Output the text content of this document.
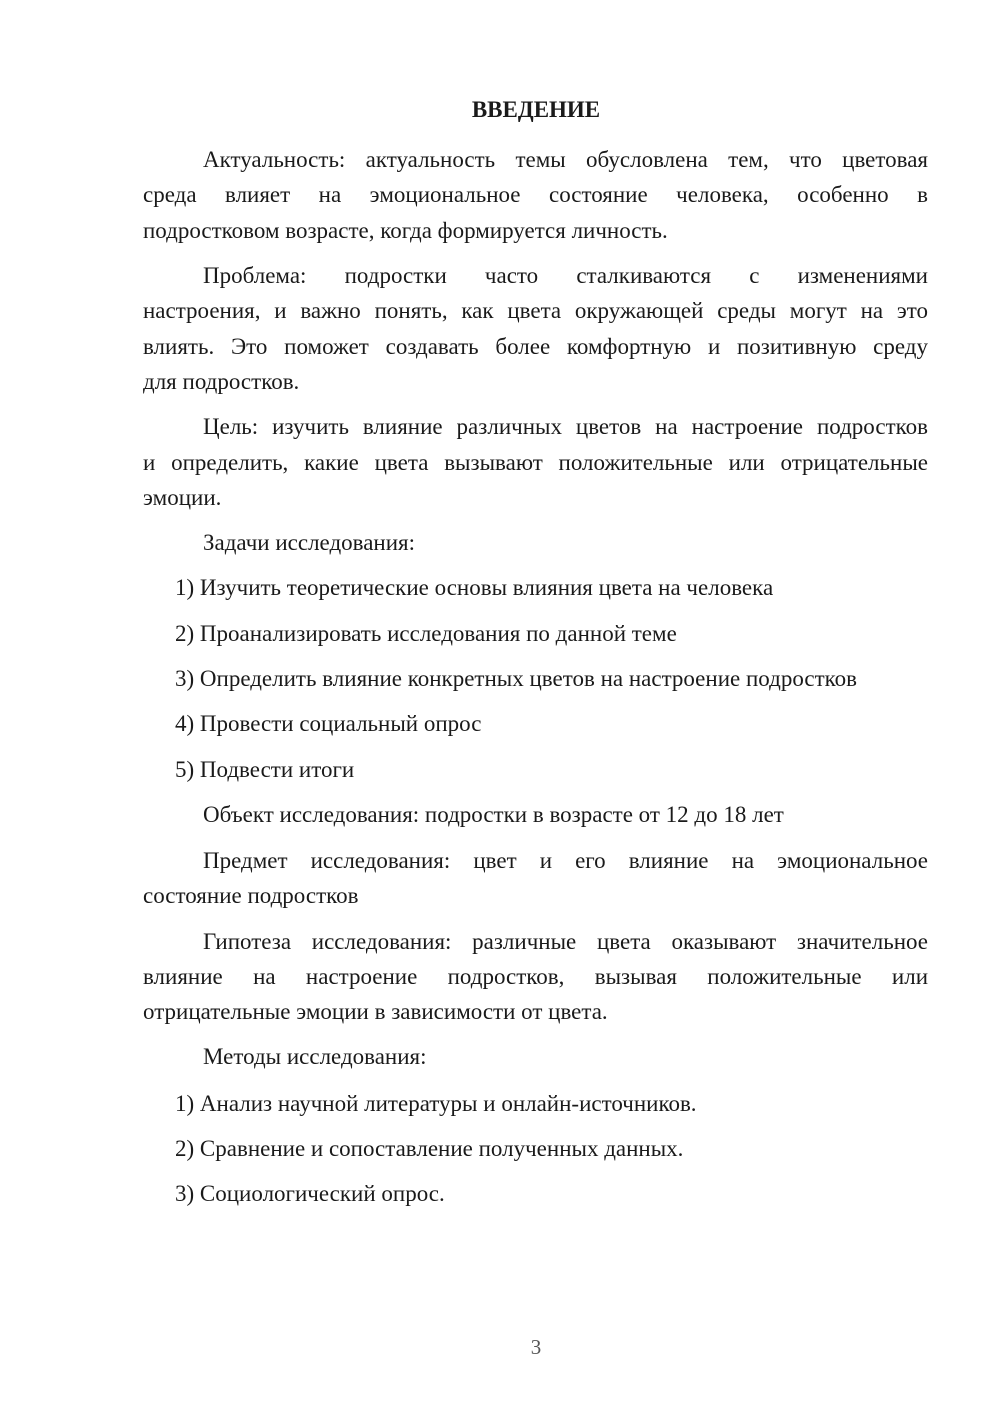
ВВЕДЕНИЕ
Актуальность: актуальность темы обусловлена тем, что цветовая
среда влияет на эмоциональное состояние человека, особенно в
подростковом возрасте, когда формируется личность.
Проблема: подростки часто сталкиваются с изменениями
настроения, и важно понять, как цвета окружающей среды могут на это
влиять. Это поможет создавать более комфортную и позитивную среду
для подростков.
Цель: изучить влияние различных цветов на настроение подростков
и определить, какие цвета вызывают положительные или отрицательные
эмоции.
Задачи исследования:
1) Изучить теоретические основы влияния цвета на человека
2) Проанализировать исследования по данной теме
3) Определить влияние конкретных цветов на настроение подростков
4) Провести социальный опрос
5) Подвести итоги
Объект исследования: подростки в возрасте от 12 до 18 лет
Предмет исследования: цвет и его влияние на эмоциональное
состояние подростков
Гипотеза исследования: различные цвета оказывают значительное
влияние на настроение подростков, вызывая положительные или
отрицательные эмоции в зависимости от цвета.
Методы исследования:
1) Анализ научной литературы и онлайн-источников.
2) Сравнение и сопоставление полученных данных.
3) Социологический опрос.
3
